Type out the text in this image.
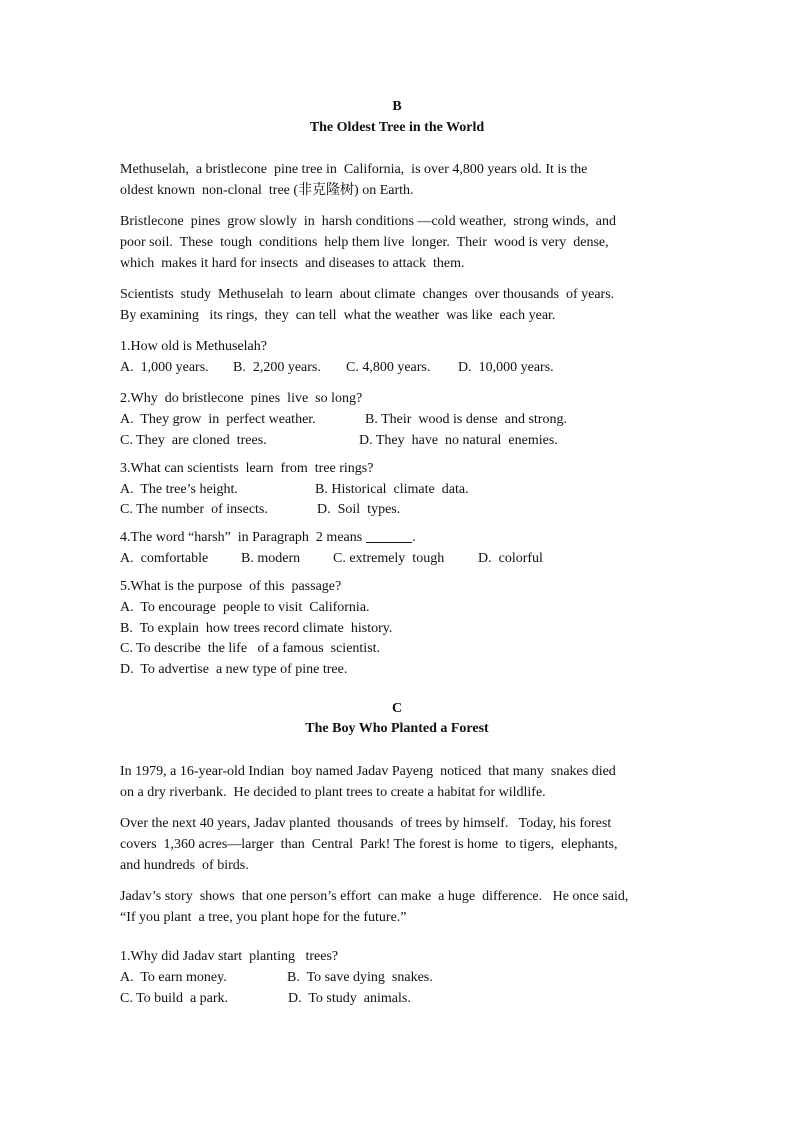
B
The Oldest Tree in the World
Methuselah,  a bristlecone  pine tree in  California,  is over 4,800 years old. It is the
oldest known  non-clonal  tree (非克隆树) on Earth.
Bristlecone  pines  grow slowly  in  harsh conditions —cold weather,  strong winds,  and
poor soil.  These  tough  conditions  help them live  longer.  Their  wood is very  dense,
which  makes it hard for insects  and diseases to attack  them.
Scientists  study  Methuselah  to learn  about climate  changes  over thousands  of years.
By examining   its rings,  they  can tell  what the weather  was like  each year.
1.How old is Methuselah?
A.  1,000 years. B.  2,200 years. C. 4,800 years. D.  10,000 years.
2.Why  do bristlecone  pines  live  so long?
A.  They grow  in  perfect weather.	B. Their  wood is dense  and strong.
C. They  are cloned  trees.	D. They  have  no natural  enemies.
3.What can scientists  learn  from  tree rings?
A.  The tree’s height.	B. Historical  climate  data.
C. The number  of insects.	D.  Soil  types.
4.The word “harsh”  in Paragraph  2 means	.
A.  comfortable B. modern C. extremely  tough D.  colorful
5.What is the purpose  of this  passage?
A.  To encourage  people to visit  California.
B.  To explain  how trees record climate  history.
C. To describe  the life   of a famous  scientist.
D.  To advertise  a new type of pine tree.
C
The Boy Who Planted a Forest
In 1979, a 16-year-old Indian  boy named Jadav Payeng  noticed  that many  snakes died
on a dry riverbank.  He decided to plant trees to create a habitat for wildlife.
Over the next 40 years, Jadav planted  thousands  of trees by himself.   Today, his forest
covers  1,360 acres—larger  than  Central  Park! The forest is home  to tigers,  elephants,
and hundreds  of birds.
Jadav’s story  shows  that one person’s effort  can make  a huge  difference.   He once said,
“If you plant  a tree, you plant hope for the future.”
1.Why did Jadav start  planting   trees?
A.  To earn money.	B.  To save dying  snakes.
C. To build  a park.	D.  To study  animals.
